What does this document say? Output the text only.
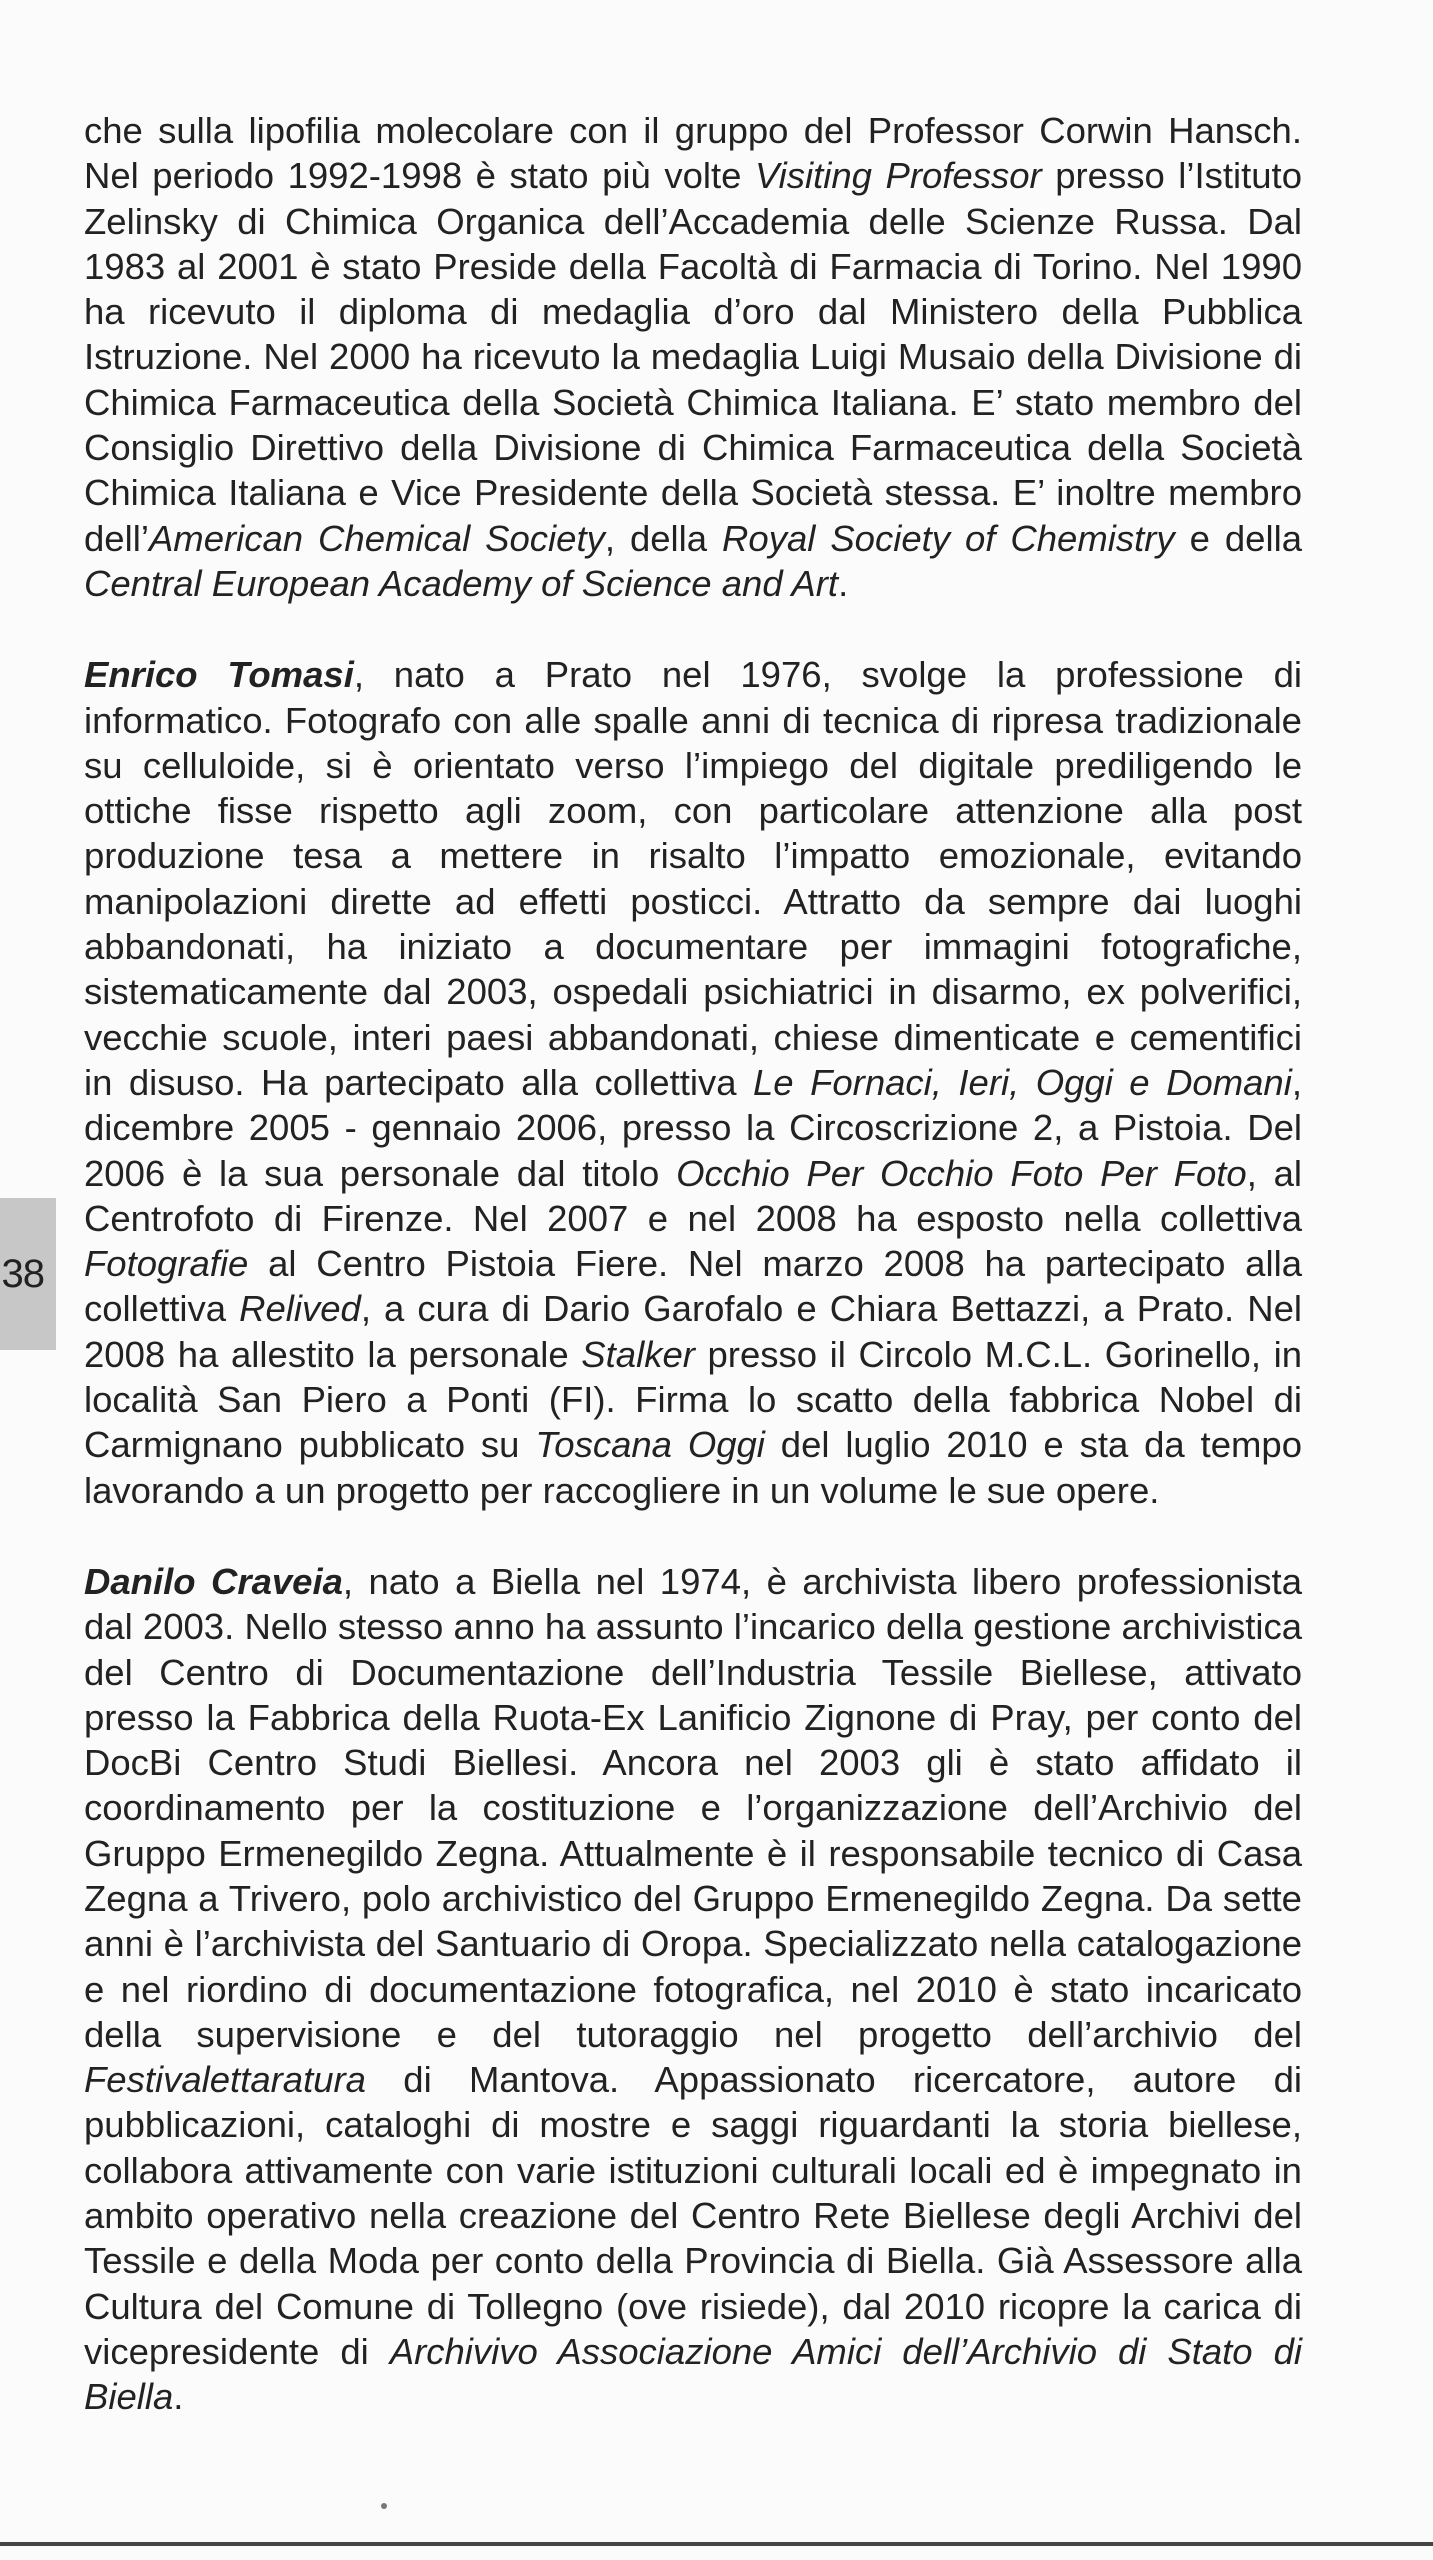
38

che sulla lipofilia molecolare con il gruppo del Professor Corwin Hansch. Nel periodo 1992-1998 è stato più volte Visiting Professor presso l’Istituto Zelinsky di Chimica Organica dell’Accademia delle Scienze Russa. Dal 1983 al 2001 è stato Preside della Facoltà di Farmacia di Torino. Nel 1990 ha ricevuto il diploma di medaglia d’oro dal Ministero della Pubblica Istruzione. Nel 2000 ha ricevuto la medaglia Luigi Musaio della Divisione di Chimica Farmaceutica della Società Chimica Italiana. E’ stato membro del Consiglio Direttivo della Divisione di Chimica Farmaceutica della Società Chimica Italiana e Vice Presidente della Società stessa. E’ inoltre membro dell’American Chemical Society, della Royal Society of Chemistry e della Central European Academy of Science and Art.

Enrico Tomasi, nato a Prato nel 1976, svolge la professione di informatico. Fotografo con alle spalle anni di tecnica di ripresa tradizionale su celluloide, si è orientato verso l’impiego del digitale prediligendo le ottiche fisse rispetto agli zoom, con particolare attenzione alla post produzione tesa a mettere in risalto l’impatto emozionale, evitando manipolazioni dirette ad effetti posticci. Attratto da sempre dai luoghi abbandonati, ha iniziato a documentare per immagini fotografiche, sistematicamente dal 2003, ospedali psichiatrici in disarmo, ex polverifici, vecchie scuole, interi paesi abbandonati, chiese dimenticate e cementifici in disuso. Ha partecipato alla collettiva Le Fornaci, Ieri, Oggi e Domani, dicembre 2005 - gennaio 2006, presso la Circoscrizione 2, a Pistoia. Del 2006 è la sua personale dal titolo Occhio Per Occhio Foto Per Foto, al Centrofoto di Firenze. Nel 2007 e nel 2008 ha esposto nella collettiva Fotografie al Centro Pistoia Fiere. Nel marzo 2008 ha partecipato alla collettiva Relived, a cura di Dario Garofalo e Chiara Bettazzi, a Prato. Nel 2008 ha allestito la personale Stalker presso il Circolo M.C.L. Gorinello, in località San Piero a Ponti (FI). Firma lo scatto della fabbrica Nobel di Carmignano pubblicato su Toscana Oggi del luglio 2010 e sta da tempo lavorando a un progetto per raccogliere in un volume le sue opere.

Danilo Craveia, nato a Biella nel 1974, è archivista libero professionista dal 2003. Nello stesso anno ha assunto l’incarico della gestione archivistica del Centro di Documentazione dell’Industria Tessile Biellese, attivato presso la Fabbrica della Ruota-Ex Lanificio Zignone di Pray, per conto del DocBi Centro Studi Biellesi. Ancora nel 2003 gli è stato affidato il coordinamento per la costituzione e l’organizzazione dell’Archivio del Gruppo Ermenegildo Zegna. Attualmente è il responsabile tecnico di Casa Zegna a Trivero, polo archivistico del Gruppo Ermenegildo Zegna. Da sette anni è l’archivista del Santuario di Oropa. Specializzato nella catalogazione e nel riordino di documentazione fotografica, nel 2010 è stato incaricato della supervisione e del tutoraggio nel progetto dell’archivio del Festivalettaratura di Mantova. Appassionato ricercatore, autore di pubblicazioni, cataloghi di mostre e saggi riguardanti la storia biellese, collabora attivamente con varie istituzioni culturali locali ed è impegnato in ambito operativo nella creazione del Centro Rete Biellese degli Archivi del Tessile e della Moda per conto della Provincia di Biella. Già Assessore alla Cultura del Comune di Tollegno (ove risiede), dal 2010 ricopre la carica di vicepresidente di Archivivo Associazione Amici dell’Archivio di Stato di Biella.
